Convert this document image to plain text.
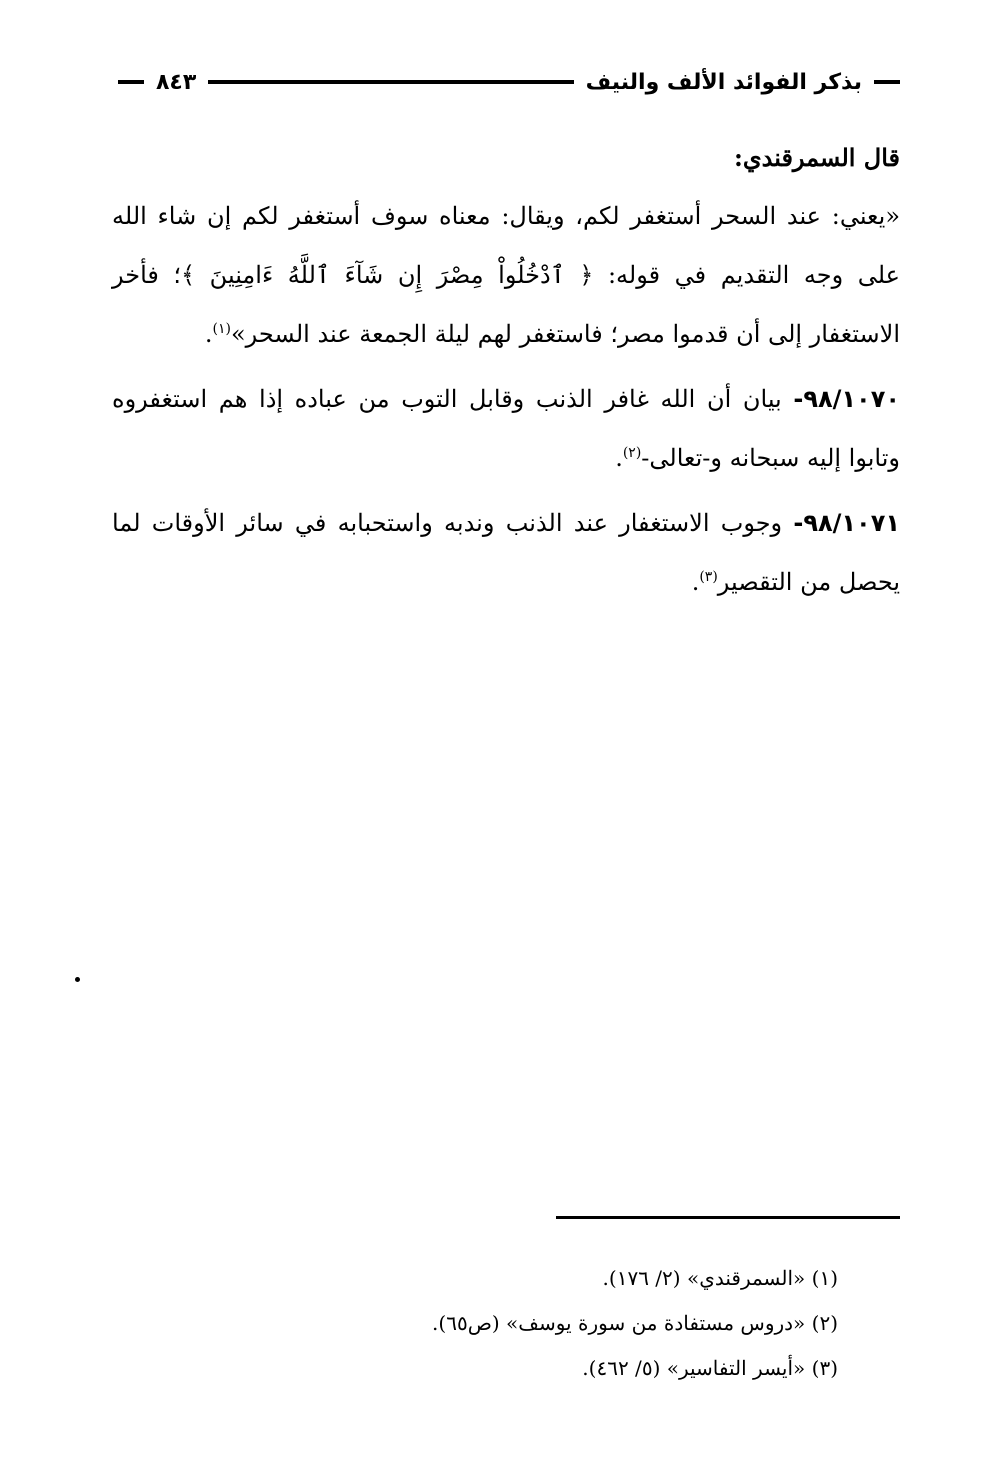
بذكر الفوائد الألف والنيف
٨٤٣

قال السمرقندي:

«يعني: عند السحر أستغفر لكم، ويقال: معناه سوف أستغفر لكم إن شاء الله على وجه التقديم في قوله: ﴿ ٱدْخُلُواْ مِصْرَ إِن شَآءَ ٱللَّهُ ءَامِنِينَ ﴾؛ فأخر الاستغفار إلى أن قدموا مصر؛ فاستغفر لهم ليلة الجمعة عند السحر»$^{(١)}$.

٩٨/١٠٧٠- بيان أن الله غافر الذنب وقابل التوب من عباده إذا هم استغفروه وتابوا إليه سبحانه و-تعالى-$^{(٢)}$.

٩٨/١٠٧١- وجوب الاستغفار عند الذنب وندبه واستحبابه في سائر الأوقات لما يحصل من التقصير$^{(٣)}$.

(١) «السمرقندي» (٢/ ١٧٦).

(٢) «دروس مستفادة من سورة يوسف» (ص٦٥).

(٣) «أيسر التفاسير» (٥/ ٤٦٢).
